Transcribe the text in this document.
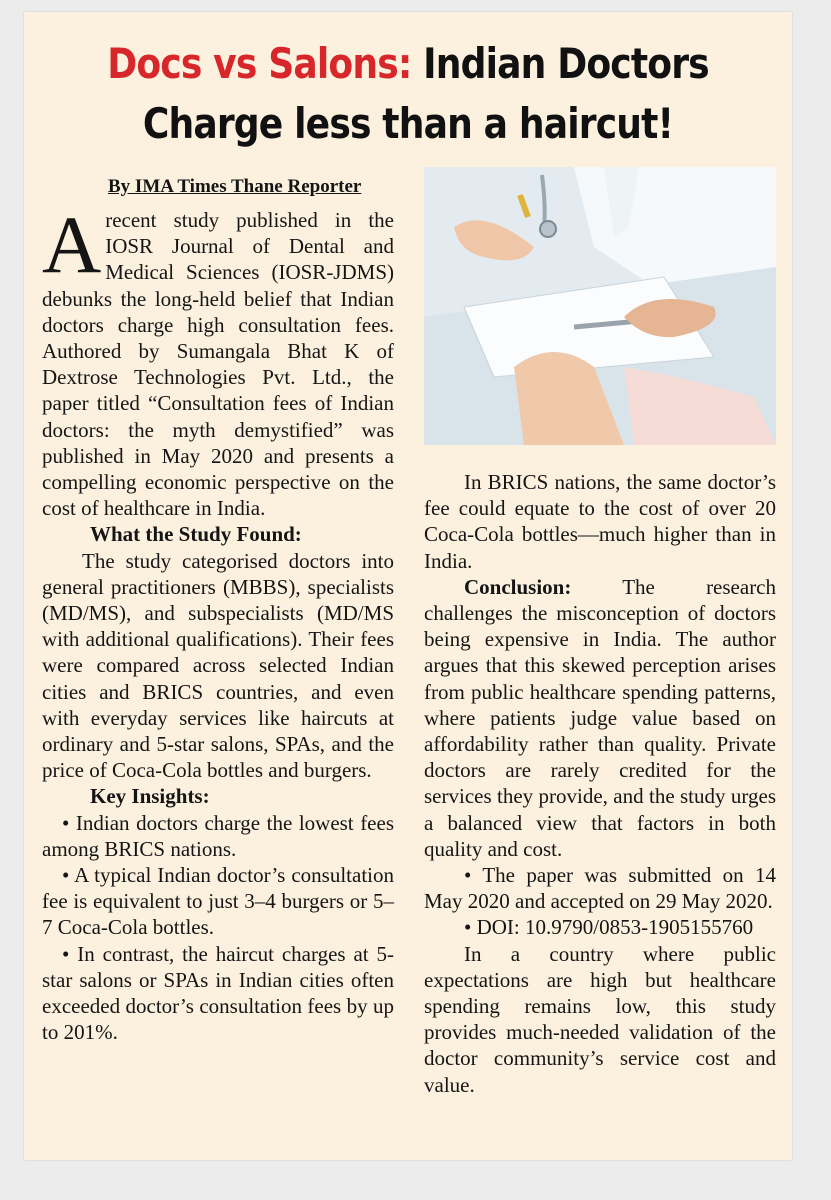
Docs vs Salons: Indian Doctors
Charge less than a haircut!
By IMA Times Thane Reporter

Arecent study published in the IOSR Journal of Dental and Medical Sciences (IOSR-JDMS) debunks the long-held belief that Indian doctors charge high consultation fees. Authored by Sumangala Bhat K of Dextrose Technologies Pvt. Ltd., the paper titled “Consultation fees of Indian doctors: the myth demystified” was published in May 2020 and presents a compelling economic perspective on the cost of healthcare in India.

What the Study Found:

The study categorised doctors into general practitioners (MBBS), specialists (MD/MS), and subspecialists (MD/MS with additional qualifications). Their fees were compared across selected Indian cities and BRICS countries, and even with everyday services like haircuts at ordinary and 5-star salons, SPAs, and the price of Coca-Cola bottles and burgers.

Key Insights:

• Indian doctors charge the lowest fees among BRICS nations.

• A typical Indian doctor’s consultation fee is equivalent to just 3–4 burgers or 5–7 Coca-Cola bottles.

• In contrast, the haircut charges at 5-star salons or SPAs in Indian cities often exceeded doctor’s consultation fees by up to 201%.

In BRICS nations, the same doctor’s fee could equate to the cost of over 20 Coca-Cola bottles—much higher than in India.

Conclusion: The research challenges the misconception of doctors being expensive in India. The author argues that this skewed perception arises from public healthcare spending patterns, where patients judge value based on affordability rather than quality. Private doctors are rarely credited for the services they provide, and the study urges a balanced view that factors in both quality and cost.

• The paper was submitted on 14 May 2020 and accepted on 29 May 2020.

• DOI: 10.9790/0853-1905155760

In a country where public expectations are high but healthcare spending remains low, this study provides much-needed validation of the doctor community’s service cost and value.
